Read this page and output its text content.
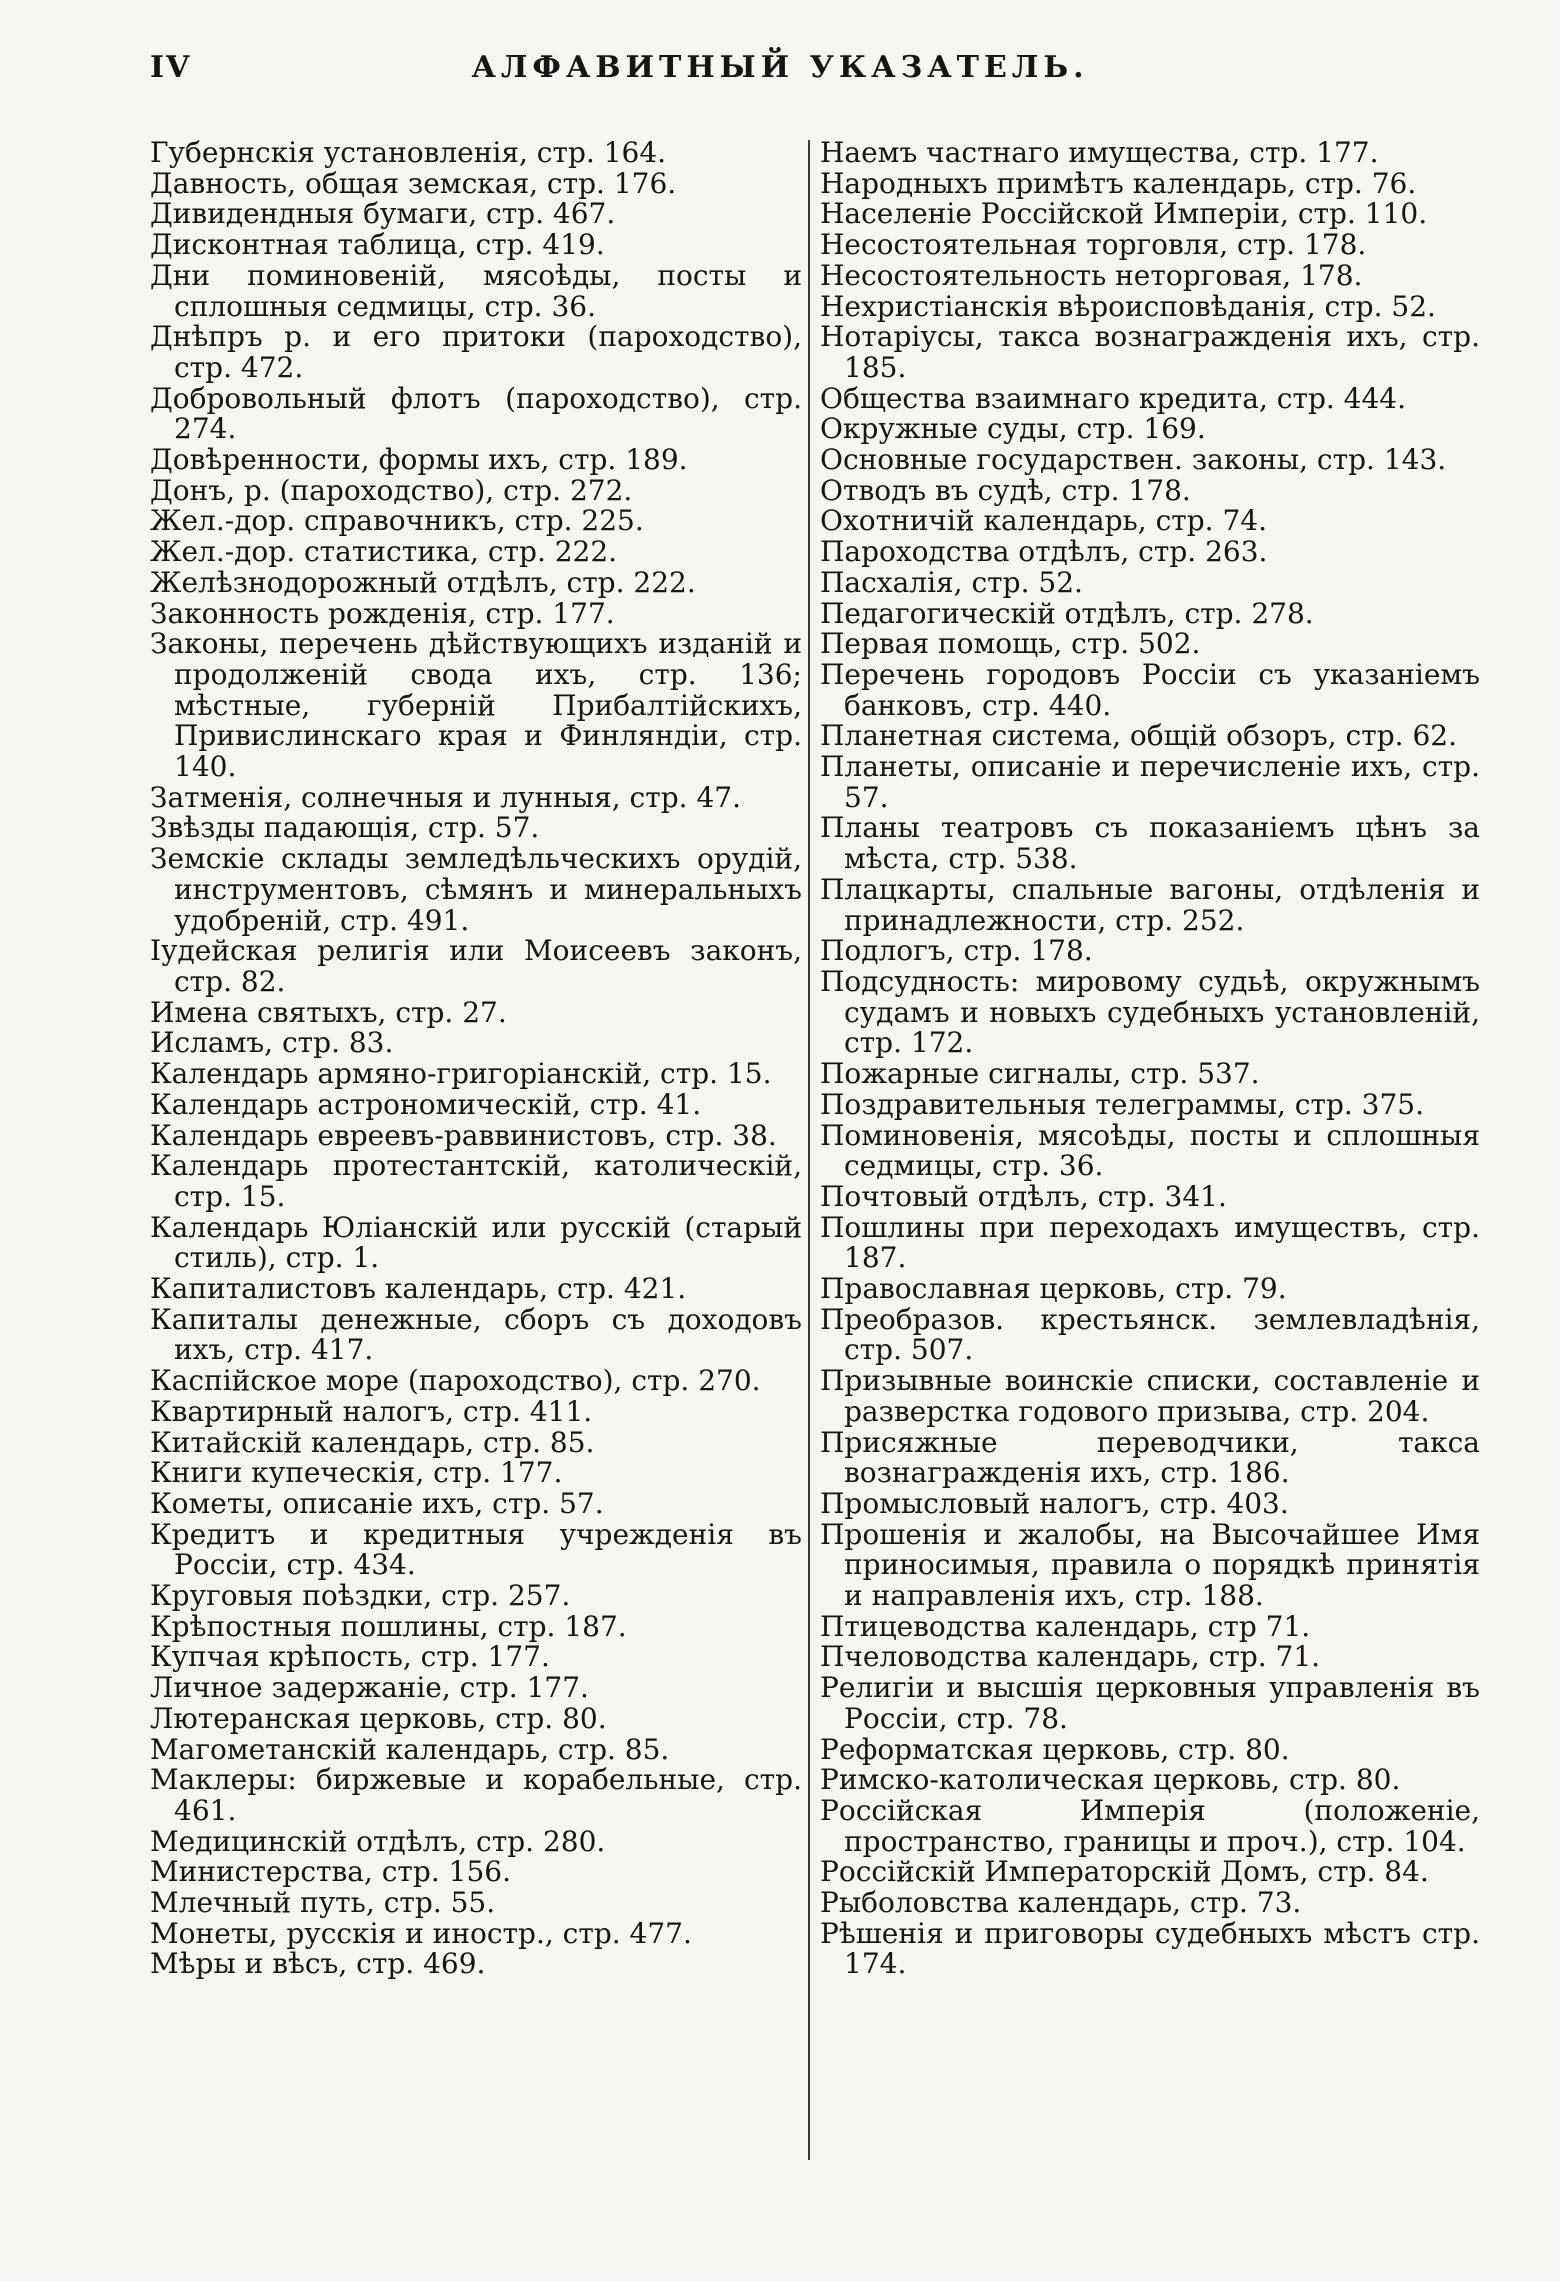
IV	АЛФАВИТНЫЙ УКАЗАТЕЛЬ.
Губернскія установленія, стр. 164.
Давность, общая земская, стр. 176.
Дивидендныя бумаги, стр. 467.
Дисконтная таблица, стр. 419.
Дни поминовеній, мясоѣды, посты и сплошныя седмицы, стр. 36.
Днѣпръ р. и его притоки (пароходство), стр. 472.
Добровольный флотъ (пароходство), стр. 274.
Довѣренности, формы ихъ, стр. 189.
Донъ, р. (пароходство), стр. 272.
Жел.-дор. справочникъ, стр. 225.
Жел.-дор. статистика, стр. 222.
Желѣзнодорожный отдѣлъ, стр. 222.
Законность рожденія, стр. 177.
Законы, перечень дѣйствующихъ изданій и продолженій свода ихъ, стр. 136; мѣстные, губерній Прибалтійскихъ, Привислинскаго края и Финляндіи, стр. 140.
Затменія, солнечныя и лунныя, стр. 47.
Звѣзды падающія, стр. 57.
Земскіе склады земледѣльческихъ орудій, инструментовъ, сѣмянъ и минеральныхъ удобреній, стр. 491.
Іудейская религія или Моисеевъ законъ, стр. 82.
Имена святыхъ, стр. 27.
Исламъ, стр. 83.
Календарь армяно-григоріанскій, стр. 15.
Календарь астрономическій, стр. 41.
Календарь евреевъ-раввинистовъ, стр. 38.
Календарь протестантскій, католическій, стр. 15.
Календарь Юліанскій или русскій (старый стиль), стр. 1.
Капиталистовъ календарь, стр. 421.
Капиталы денежные, сборъ съ доходовъ ихъ, стр. 417.
Каспійское море (пароходство), стр. 270.
Квартирный налогъ, стр. 411.
Китайскій календарь, стр. 85.
Книги купеческія, стр. 177.
Кометы, описаніе ихъ, стр. 57.
Кредитъ и кредитныя учрежденія въ Россіи, стр. 434.
Круговыя поѣздки, стр. 257.
Крѣпостныя пошлины, стр. 187.
Купчая крѣпость, стр. 177.
Личное задержаніе, стр. 177.
Лютеранская церковь, стр. 80.
Магометанскій календарь, стр. 85.
Маклеры: биржевые и корабельные, стр. 461.
Медицинскій отдѣлъ, стр. 280.
Министерства, стр. 156.
Млечный путь, стр. 55.
Монеты, русскія и иностр., стр. 477.
Мѣры и вѣсъ, стр. 469.
Наемъ частнаго имущества, стр. 177.
Народныхъ примѣтъ календарь, стр. 76.
Населеніе Россійской Имперіи, стр. 110.
Несостоятельная торговля, стр. 178.
Несостоятельность неторговая, 178.
Нехристіанскія вѣроисповѣданія, стр. 52.
Нотаріусы, такса вознагражденія ихъ, стр. 185.
Общества взаимнаго кредита, стр. 444.
Окружные суды, стр. 169.
Основные государствен. законы, стр. 143.
Отводъ въ судѣ, стр. 178.
Охотничій календарь, стр. 74.
Пароходства отдѣлъ, стр. 263.
Пасхалія, стр. 52.
Педагогическій отдѣлъ, стр. 278.
Первая помощь, стр. 502.
Перечень городовъ Россіи съ указаніемъ банковъ, стр. 440.
Планетная система, общій обзоръ, стр. 62.
Планеты, описаніе и перечисленіе ихъ, стр. 57.
Планы театровъ съ показаніемъ цѣнъ за мѣста, стр. 538.
Плацкарты, спальные вагоны, отдѣленія и принадлежности, стр. 252.
Подлогъ, стр. 178.
Подсудность: мировому судьѣ, окружнымъ судамъ и новыхъ судебныхъ установленій, стр. 172.
Пожарные сигналы, стр. 537.
Поздравительныя телеграммы, стр. 375.
Поминовенія, мясоѣды, посты и сплошныя седмицы, стр. 36.
Почтовый отдѣлъ, стр. 341.
Пошлины при переходахъ имуществъ, стр. 187.
Православная церковь, стр. 79.
Преобразов. крестьянск. землевладѣнія, стр. 507.
Призывные воинскіе списки, составленіе и разверстка годового призыва, стр. 204.
Присяжные переводчики, такса вознагражденія ихъ, стр. 186.
Промысловый налогъ, стр. 403.
Прошенія и жалобы, на Высочайшее Имя приносимыя, правила о порядкѣ принятія и направленія ихъ, стр. 188.
Птицеводства календарь, стр 71.
Пчеловодства календарь, стр. 71.
Религіи и высшія церковныя управленія въ Россіи, стр. 78.
Реформатская церковь, стр. 80.
Римско-католическая церковь, стр. 80.
Россійская Имперія (положеніе, пространство, границы и проч.), стр. 104.
Россійскій Императорскій Домъ, стр. 84.
Рыболовства календарь, стр. 73.
Рѣшенія и приговоры судебныхъ мѣстъ стр. 174.
